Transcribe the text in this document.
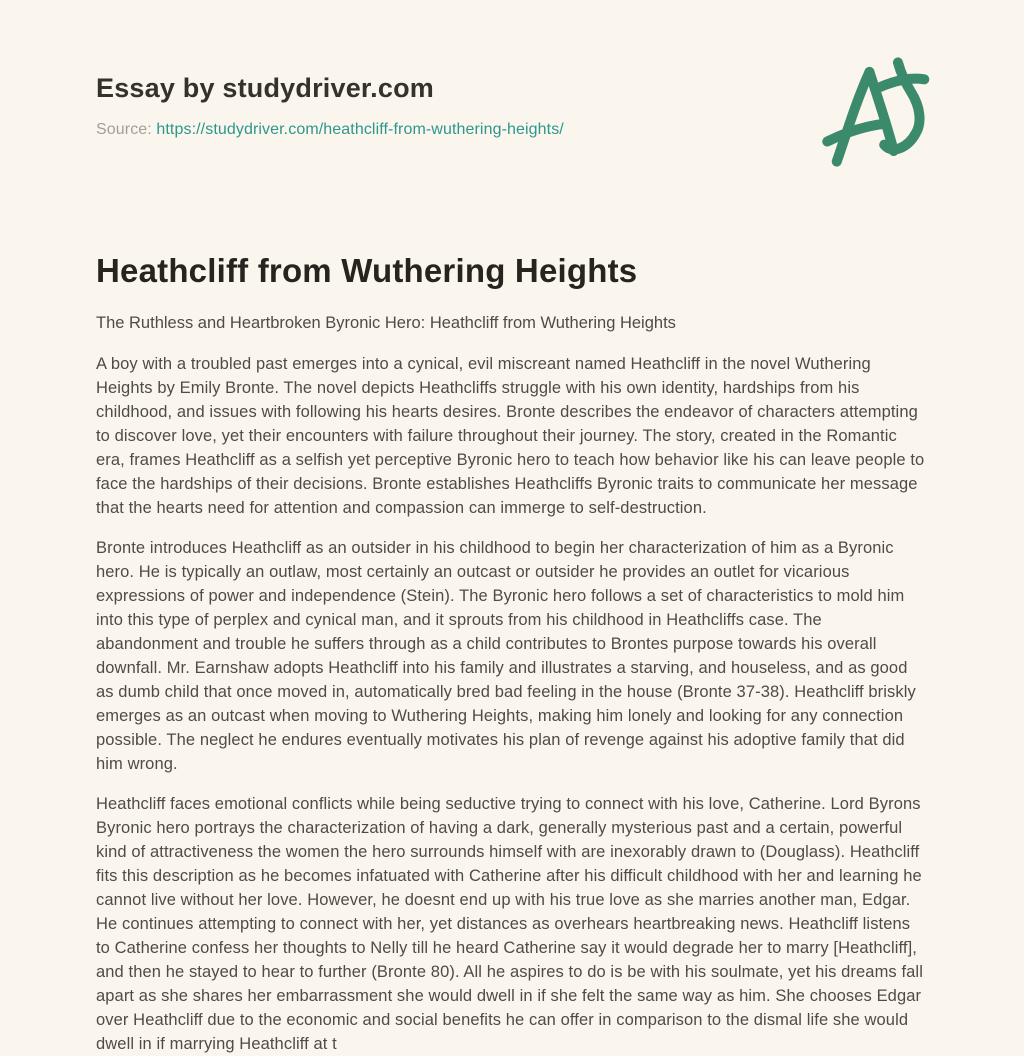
Essay by studydriver.com
Source: https://studydriver.com/heathcliff-from-wuthering-heights/
Heathcliff from Wuthering Heights

The Ruthless and Heartbroken Byronic Hero: Heathcliff from Wuthering Heights

A boy with a troubled past emerges into a cynical, evil miscreant named Heathcliff in the novel Wuthering Heights by Emily Bronte. The novel depicts Heathcliffs struggle with his own identity, hardships from his childhood, and issues with following his hearts desires. Bronte describes the endeavor of characters attempting to discover love, yet their encounters with failure throughout their journey. The story, created in the Romantic era, frames Heathcliff as a selfish yet perceptive Byronic hero to teach how behavior like his can leave people to face the hardships of their decisions. Bronte establishes Heathcliffs Byronic traits to communicate her message that the hearts need for attention and compassion can immerge to self-destruction.

Bronte introduces Heathcliff as an outsider in his childhood to begin her characterization of him as a Byronic hero. He is typically an outlaw, most certainly an outcast or outsider he provides an outlet for vicarious expressions of power and independence (Stein). The Byronic hero follows a set of characteristics to mold him into this type of perplex and cynical man, and it sprouts from his childhood in Heathcliffs case. The abandonment and trouble he suffers through as a child contributes to Brontes purpose towards his overall downfall. Mr. Earnshaw adopts Heathcliff into his family and illustrates a starving, and houseless, and as good as dumb child that once moved in, automatically bred bad feeling in the house (Bronte 37-38). Heathcliff briskly emerges as an outcast when moving to Wuthering Heights, making him lonely and looking for any connection possible. The neglect he endures eventually motivates his plan of revenge against his adoptive family that did him wrong.

Heathcliff faces emotional conflicts while being seductive trying to connect with his love, Catherine. Lord Byrons Byronic hero portrays the characterization of having a dark, generally mysterious past and a certain, powerful kind of attractiveness the women the hero surrounds himself with are inexorably drawn to (Douglass). Heathcliff fits this description as he becomes infatuated with Catherine after his difficult childhood with her and learning he cannot live without her love. However, he doesnt end up with his true love as she marries another man, Edgar. He continues attempting to connect with her, yet distances as overhears heartbreaking news. Heathcliff listens to Catherine confess her thoughts to Nelly till he heard Catherine say it would degrade her to marry [Heathcliff], and then he stayed to hear to further (Bronte 80). All he aspires to do is be with his soulmate, yet his dreams fall apart as she shares her embarrassment she would dwell in if she felt the same way as him. She chooses Edgar over Heathcliff due to the economic and social benefits he can offer in comparison to the dismal life she would dwell in if marrying Heathcliff at t
